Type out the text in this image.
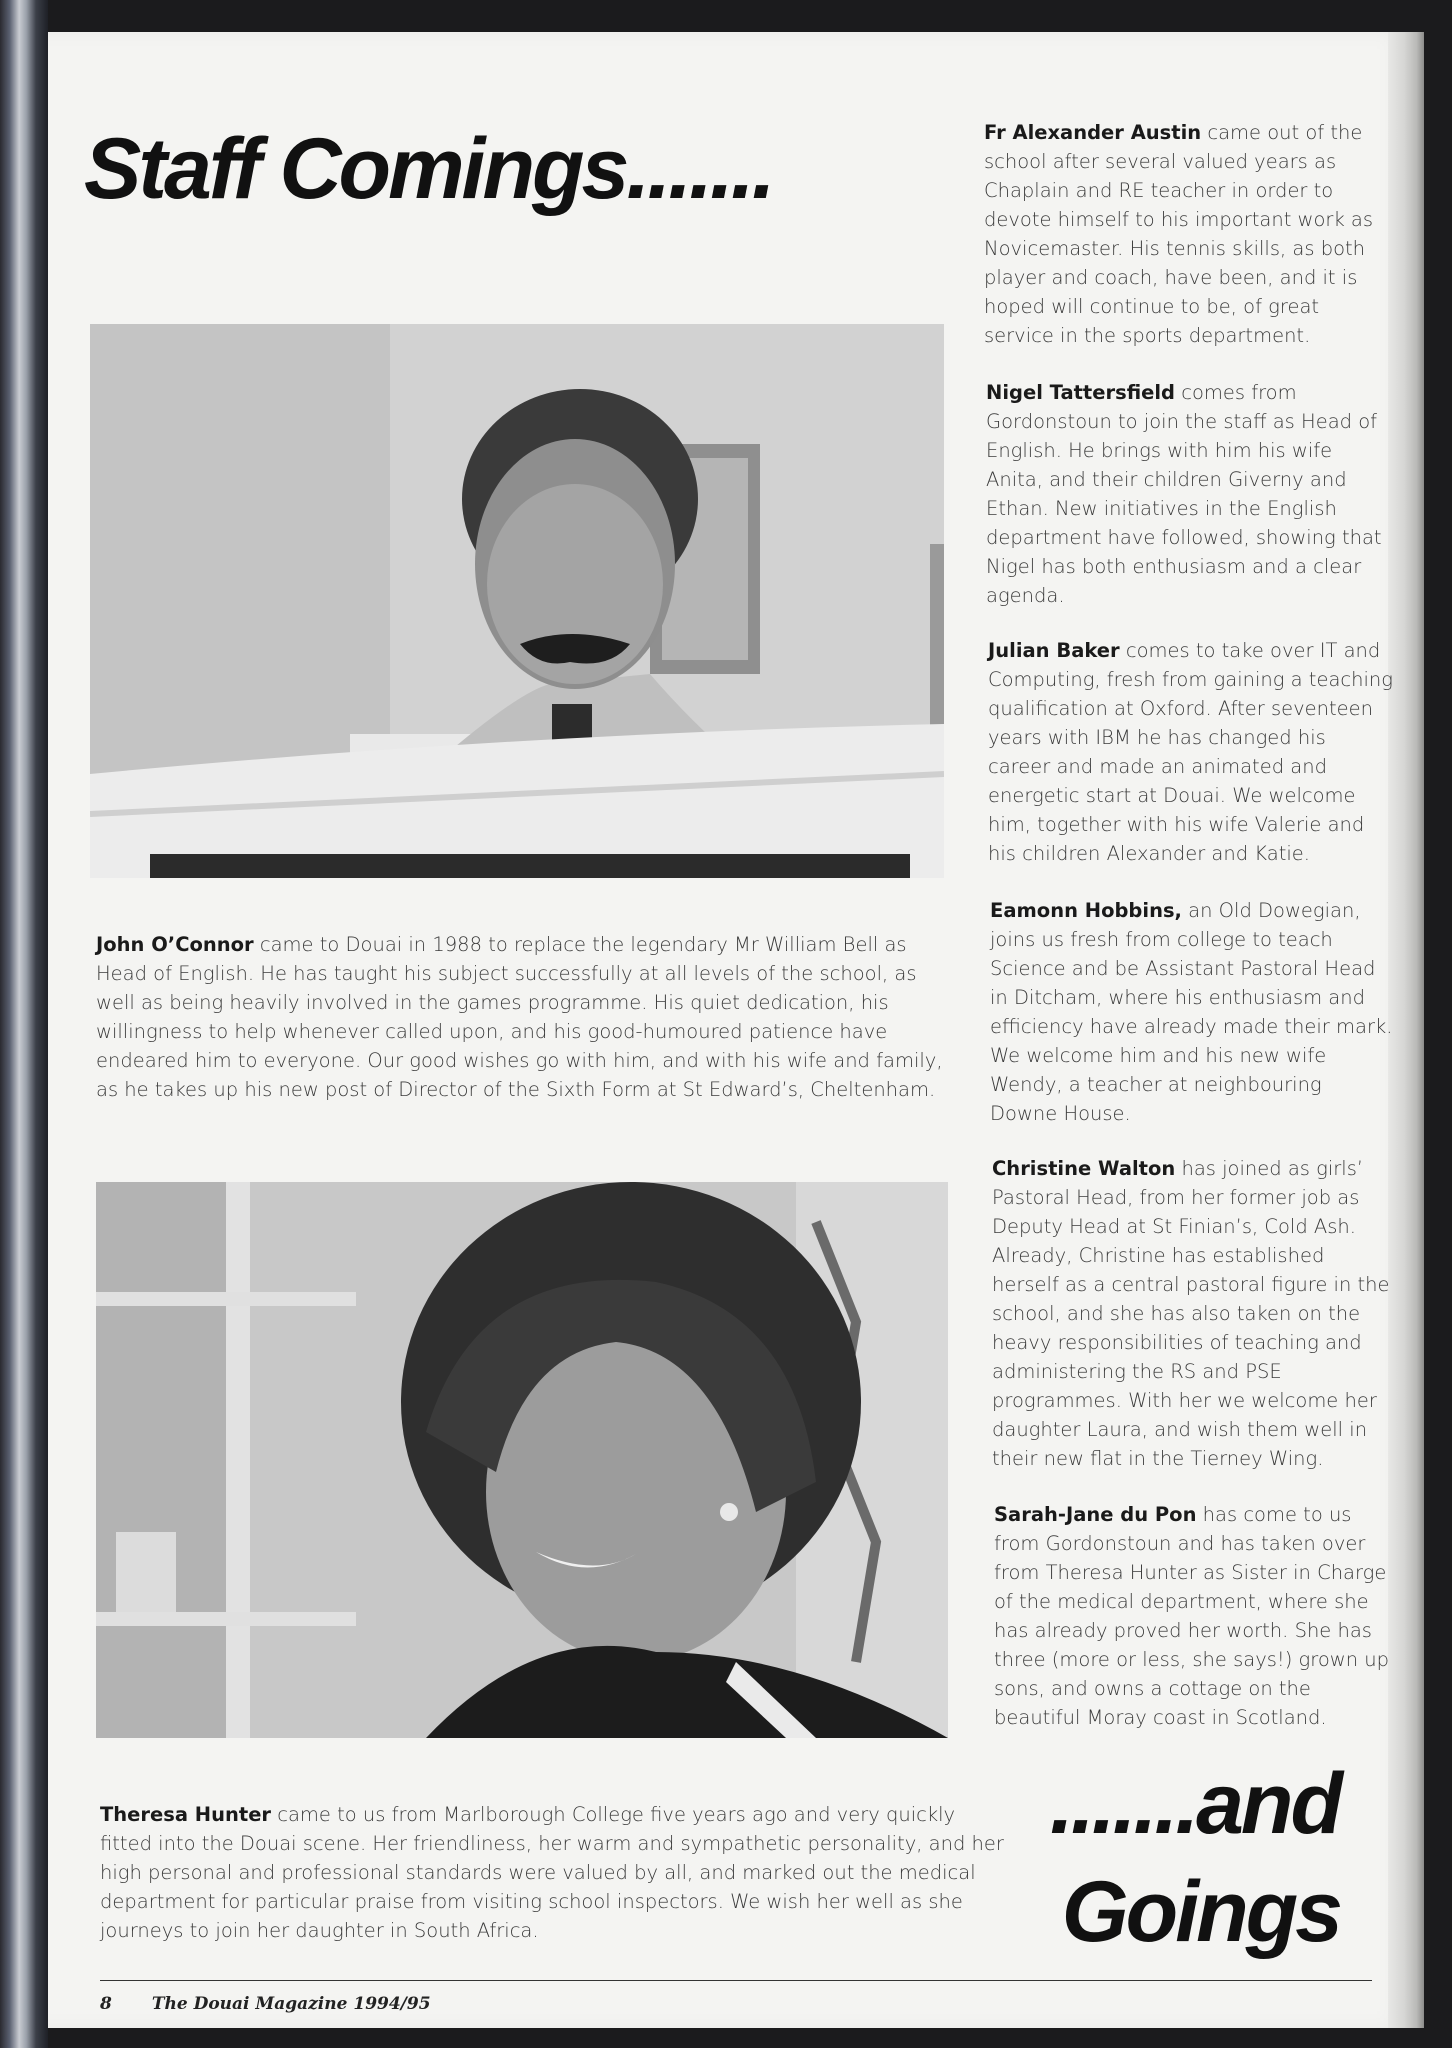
Staff Comings.......
John O’Connor came to Douai in 1988 to replace the legendary Mr William Bell as Head of English. He has taught his subject successfully at all levels of the school, as well as being heavily involved in the games programme. His quiet dedication, his willingness to help whenever called upon, and his good-humoured patience have endeared him to everyone. Our good wishes go with him, and with his wife and family, as he takes up his new post of Director of the Sixth Form at St Edward’s, Cheltenham.
Theresa Hunter came to us from Marlborough College five years ago and very quickly fitted into the Douai scene. Her friendliness, her warm and sympathetic personality, and her high personal and professional standards were valued by all, and marked out the medical department for particular praise from visiting school inspectors. We wish her well as she journeys to join her daughter in South Africa.
Fr Alexander Austin came out of the school after several valued years as Chaplain and RE teacher in order to devote himself to his important work as Novicemaster. His tennis skills, as both player and coach, have been, and it is hoped will continue to be, of great service in the sports department.
Nigel Tattersfield comes from Gordonstoun to join the staff as Head of English. He brings with him his wife Anita, and their children Giverny and Ethan. New initiatives in the English department have followed, showing that Nigel has both enthusiasm and a clear agenda.
Julian Baker comes to take over IT and Computing, fresh from gaining a teaching qualification at Oxford. After seventeen years with IBM he has changed his career and made an animated and energetic start at Douai. We welcome him, together with his wife Valerie and his children Alexander and Katie.
Eamonn Hobbins, an Old Dowegian, joins us fresh from college to teach Science and be Assistant Pastoral Head in Ditcham, where his enthusiasm and efficiency have already made their mark. We welcome him and his new wife Wendy, a teacher at neighbouring Downe House.
Christine Walton has joined as girls’ Pastoral Head, from her former job as Deputy Head at St Finian’s, Cold Ash. Already, Christine has established herself as a central pastoral figure in the school, and she has also taken on the heavy responsibilities of teaching and administering the RS and PSE programmes. With her we welcome her daughter Laura, and wish them well in their new flat in the Tierney Wing.
Sarah-Jane du Pon has come to us from Gordonstoun and has taken over from Theresa Hunter as Sister in Charge of the medical department, where she has already proved her worth. She has three (more or less, she says!) grown up sons, and owns a cottage on the beautiful Moray coast in Scotland.
.......and
Goings
8 The Douai Magazine 1994/95
